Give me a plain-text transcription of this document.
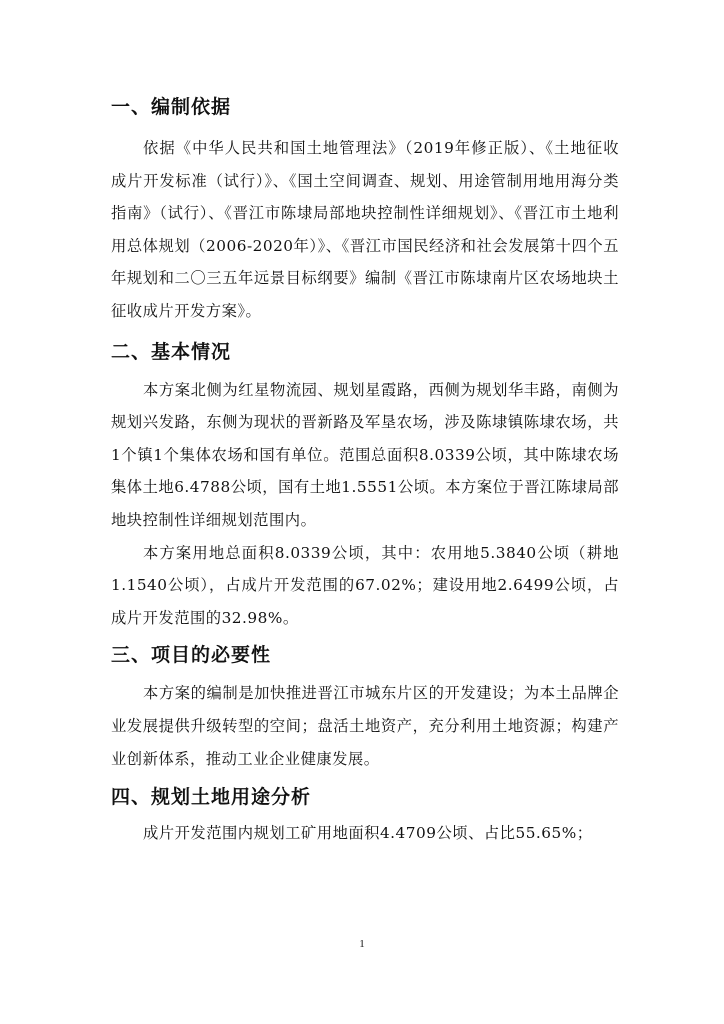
一、编制依据

依据《中华人民共和国土地管理法》（2019年修正版）、《土地征收成片开发标准（试行）》、《国土空间调查、规划、用途管制用地用海分类指南》（试行）、《晋江市陈埭局部地块控制性详细规划》、《晋江市土地利用总体规划（2006-2020年）》、《晋江市国民经济和社会发展第十四个五年规划和二〇三五年远景目标纲要》编制《晋江市陈埭南片区农场地块土征收成片开发方案》。

二、基本情况

本方案北侧为红星物流园、规划星霞路，西侧为规划华丰路，南侧为规划兴发路，东侧为现状的晋新路及军垦农场，涉及陈埭镇陈埭农场，共1个镇1个集体农场和国有单位。范围总面积8.0339公顷，其中陈埭农场集体土地6.4788公顷，国有土地1.5551公顷。本方案位于晋江陈埭局部地块控制性详细规划范围内。

本方案用地总面积8.0339公顷，其中：农用地5.3840公顷（耕地1.1540公顷），占成片开发范围的67.02%；建设用地2.6499公顷，占成片开发范围的32.98%。

三、项目的必要性

本方案的编制是加快推进晋江市城东片区的开发建设；为本土品牌企业发展提供升级转型的空间；盘活土地资产，充分利用土地资源；构建产业创新体系，推动工业企业健康发展。

四、规划土地用途分析

成片开发范围内规划工矿用地面积4.4709公顷、占比55.65%；

1
